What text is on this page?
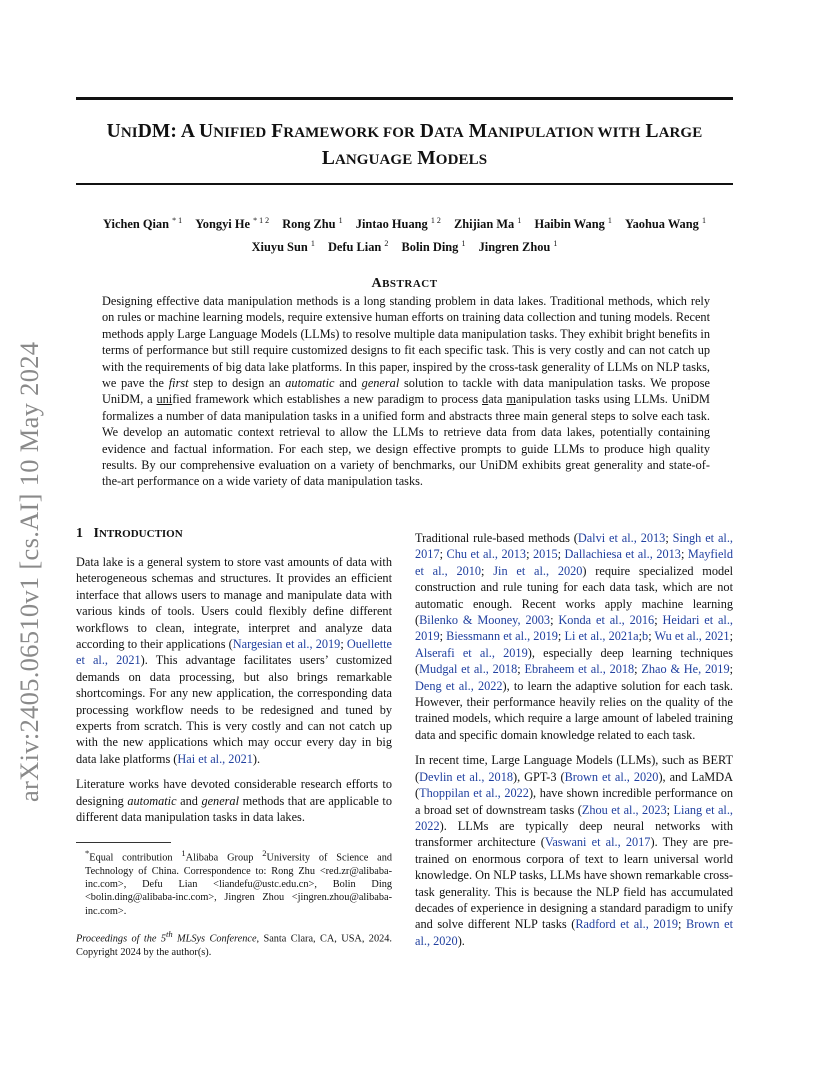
UNIDM: A UNIFIED FRAMEWORK FOR DATA MANIPULATION WITH LARGE
LANGUAGE MODELS
Yichen Qian $^{* 1}$ Yongyi He $^{* 1 2}$ Rong Zhu $^1$ Jintao Huang $^{1 2}$ Zhijian Ma $^1$ Haibin Wang $^1$ Yaohua Wang $^1$
Xiuyu Sun $^1$ Defu Lian $^2$ Bolin Ding $^1$ Jingren Zhou $^1$
ABSTRACT
Designing effective data manipulation methods is a long standing problem in data lakes. Traditional methods, which rely on rules or machine learning models, require extensive human efforts on training data collection and tuning models. Recent methods apply Large Language Models (LLMs) to resolve multiple data manipulation tasks. They exhibit bright benefits in terms of performance but still require customized designs to fit each specific task. This is very costly and can not catch up with the requirements of big data lake platforms. In this paper, inspired by the cross-task generality of LLMs on NLP tasks, we pave the first step to design an automatic and general solution to tackle with data manipulation tasks. We propose UniDM, a unified framework which establishes a new paradigm to process data manipulation tasks using LLMs. UniDM formalizes a number of data manipulation tasks in a unified form and abstracts three main general steps to solve each task. We develop an automatic context retrieval to allow the LLMs to retrieve data from data lakes, potentially containing evidence and factual information. For each step, we design effective prompts to guide LLMs to produce high quality results. By our comprehensive evaluation on a variety of benchmarks, our UniDM exhibits great generality and state-of-the-art performance on a wide variety of data manipulation tasks.
arXiv:2405.06510v1 [cs.AI] 10 May 2024 1 INTRODUCTION

Data lake is a general system to store vast amounts of data with heterogeneous schemas and structures. It provides an efficient interface that allows users to manage and manipulate data with various kinds of tools. Users could flexibly define different workflows to clean, integrate, interpret and analyze data according to their applications (Nargesian et al., 2019; Ouellette et al., 2021). This advantage facilitates users’ customized demands on data processing, but also brings remarkable shortcomings. For any new application, the corresponding data processing workflow needs to be redesigned and tuned by experts from scratch. This is very costly and can not catch up with the new applications which may occur every day in big data lake platforms (Hai et al., 2021).

Literature works have devoted considerable research efforts to designing automatic and general methods that are applicable to different data manipulation tasks in data lakes.

*Equal contribution $^1$Alibaba Group $^2$University of Science and Technology of China. Correspondence to: Rong Zhu <red.zr@alibaba-inc.com>, Defu Lian <liandefu@ustc.edu.cn>, Bolin Ding <bolin.ding@alibaba-inc.com>, Jingren Zhou <jingren.zhou@alibaba-inc.com>.
Proceedings of the 5th MLSys Conference, Santa Clara, CA, USA, 2024. Copyright 2024 by the author(s).

Traditional rule-based methods (Dalvi et al., 2013; Singh et al., 2017; Chu et al., 2013; 2015; Dallachiesa et al., 2013; Mayfield et al., 2010; Jin et al., 2020) require specialized model construction and rule tuning for each data task, which are not automatic enough. Recent works apply machine learning (Bilenko & Mooney, 2003; Konda et al., 2016; Heidari et al., 2019; Biessmann et al., 2019; Li et al., 2021a;b; Wu et al., 2021; Alserafi et al., 2019), especially deep learning techniques (Mudgal et al., 2018; Ebraheem et al., 2018; Zhao & He, 2019; Deng et al., 2022), to learn the adaptive solution for each task. However, their performance heavily relies on the quality of the trained models, which require a large amount of labeled training data and specific domain knowledge related to each task.

In recent time, Large Language Models (LLMs), such as BERT (Devlin et al., 2018), GPT-3 (Brown et al., 2020), and LaMDA (Thoppilan et al., 2022), have shown incredible performance on a broad set of downstream tasks (Zhou et al., 2023; Liang et al., 2022). LLMs are typically deep neural networks with transformer architecture (Vaswani et al., 2017). They are pre-trained on enormous corpora of text to learn universal world knowledge. On NLP tasks, LLMs have shown remarkable cross-task generality. This is because the NLP field has accumulated decades of experience in designing a standard paradigm to unify and solve different NLP tasks (Radford et al., 2019; Brown et al., 2020).
